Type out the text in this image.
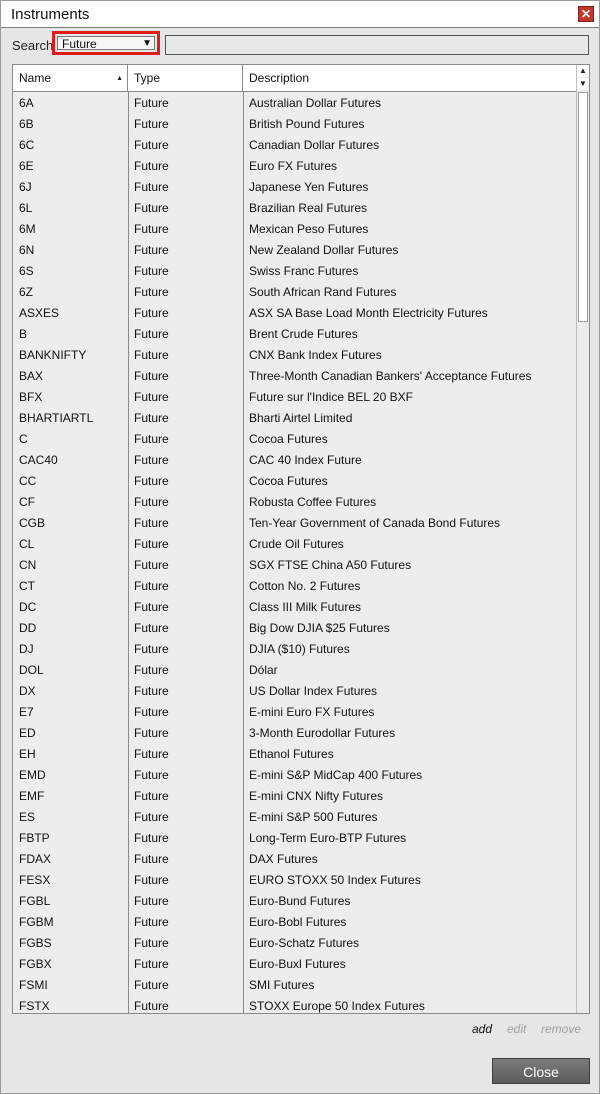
Instruments	✕
Search Future	▼
Name	▲ Type	Description
6A	Future	Australian Dollar Futures
6B	Future	British Pound Futures
6C	Future	Canadian Dollar Futures
6E	Future	Euro FX Futures
6J	Future	Japanese Yen Futures
6L	Future	Brazilian Real Futures
6M	Future	Mexican Peso Futures
6N	Future	New Zealand Dollar Futures
6S	Future	Swiss Franc Futures
6Z	Future	South African Rand Futures
ASXES	Future	ASX SA Base Load Month Electricity Futures
B	Future	Brent Crude Futures
BANKNIFTY	Future	CNX Bank Index Futures
BAX	Future	Three-Month Canadian Bankers' Acceptance Futures
BFX	Future	Future sur l'Indice BEL 20 BXF
BHARTIARTL	Future	Bharti Airtel Limited
C	Future	Cocoa Futures
CAC40	Future	CAC 40 Index Future
CC	Future	Cocoa Futures
CF	Future	Robusta Coffee Futures
CGB	Future	Ten-Year Government of Canada Bond Futures
CL	Future	Crude Oil Futures
CN	Future	SGX FTSE China A50 Futures
CT	Future	Cotton No. 2 Futures
DC	Future	Class III Milk Futures
DD	Future	Big Dow DJIA $25 Futures
DJ	Future	DJIA ($10) Futures
DOL	Future	Dólar
DX	Future	US Dollar Index Futures
E7	Future	E-mini Euro FX Futures
ED	Future	3-Month Eurodollar Futures
EH	Future	Ethanol Futures
EMD	Future	E-mini S&P MidCap 400 Futures
EMF	Future	E-mini CNX Nifty Futures
ES	Future	E-mini S&P 500 Futures
FBTP	Future	Long-Term Euro-BTP Futures
FDAX	Future	DAX Futures
FESX	Future	EURO STOXX 50 Index Futures
FGBL	Future	Euro-Bund Futures
FGBM	Future	Euro-Bobl Futures
FGBS	Future	Euro-Schatz Futures
FGBX	Future	Euro-Buxl Futures
FSMI	Future	SMI Futures
FSTX	Future	STOXX Europe 50 Index Futures
▲
▼
add edit remove
Close
